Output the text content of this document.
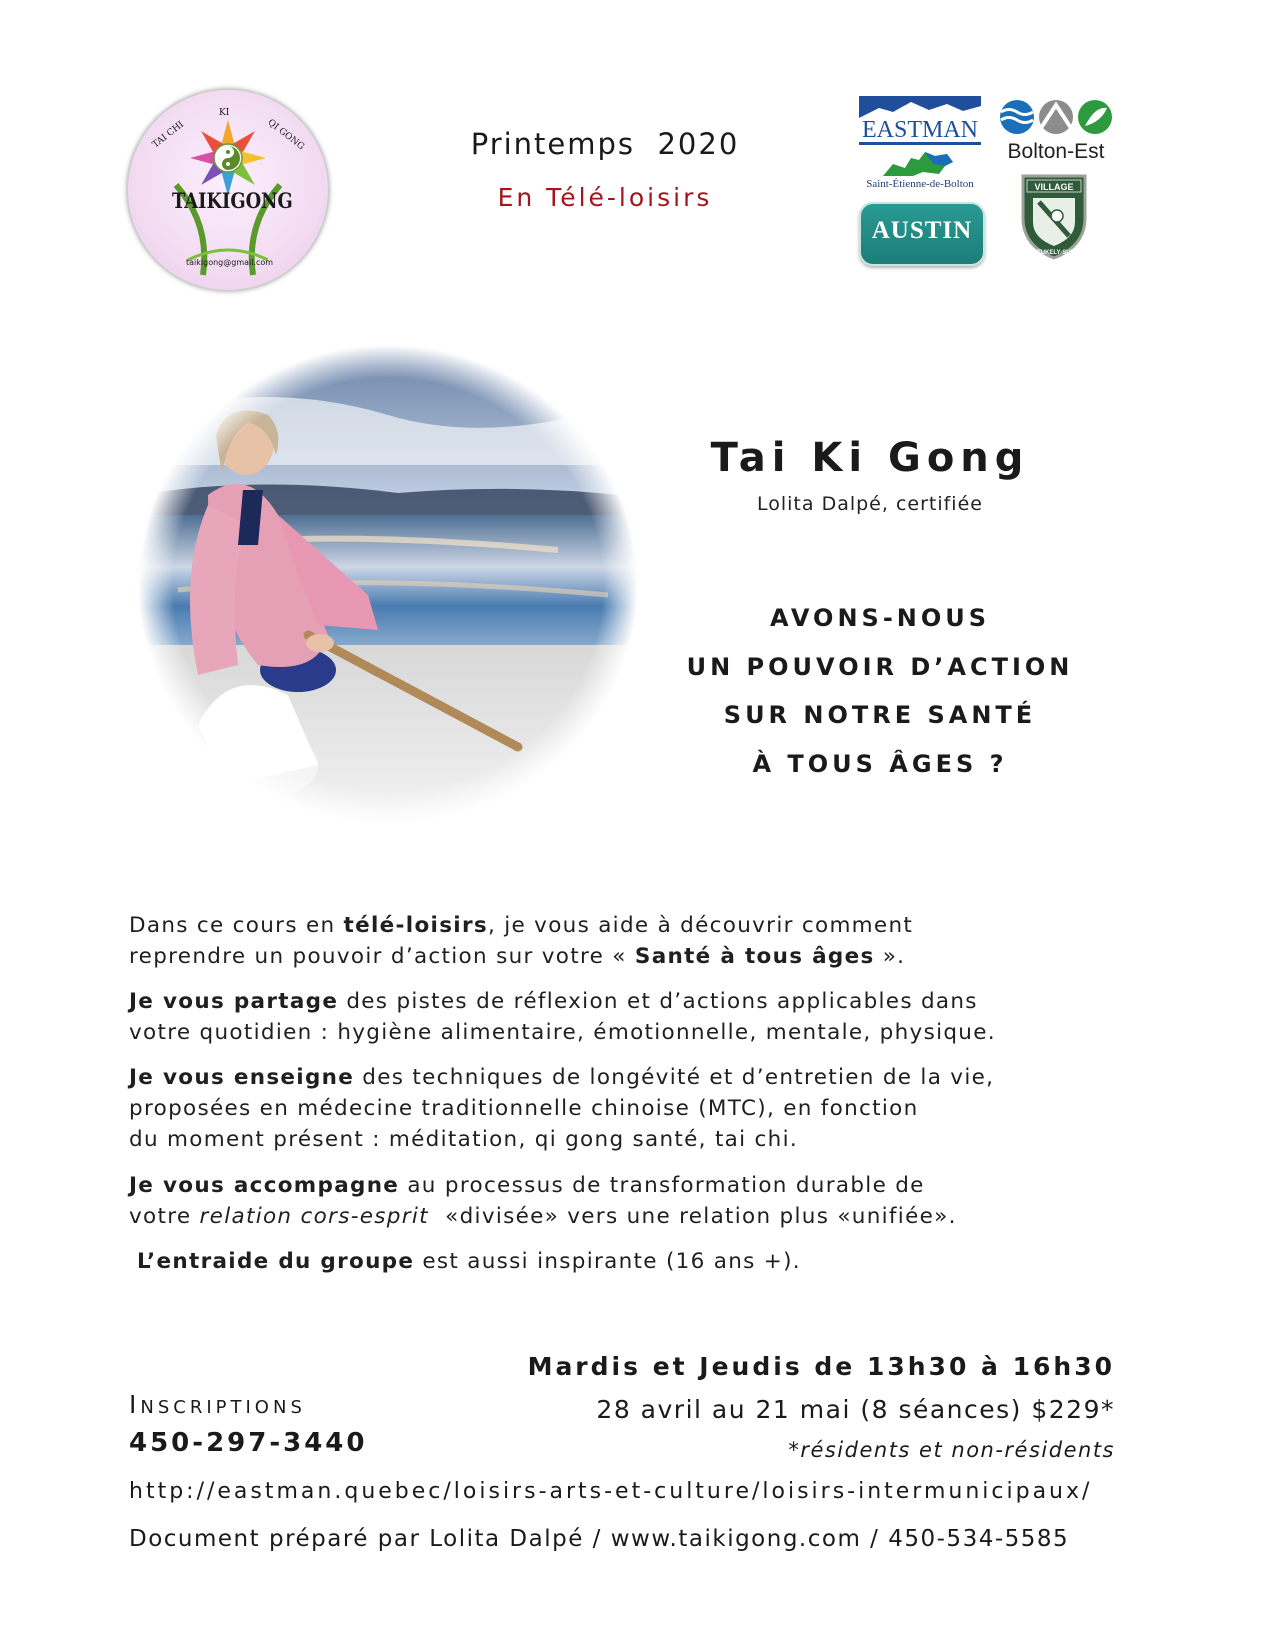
TAI CHI
KI
QI GONG
TAIKIGONG
taikigong@gmail.com
Printemps  2020
En Télé-loisirs
EASTMAN
Bolton-Est
Saint-Étienne-de-Bolton
AUSTIN
VILLAGE
STUKELY-SUD
Tai Ki Gong
Lolita Dalpé, certifiée
AVONS-NOUS
UN POUVOIR D’ACTION
SUR NOTRE SANTÉ
À TOUS ÂGES ?
Dans ce cours en télé-loisirs, je vous aide à découvrir comment
reprendre un pouvoir d’action sur votre « Santé à tous âges ».
Je vous partage des pistes de réflexion et d’actions applicables dans
votre quotidien : hygiène alimentaire, émotionnelle, mentale, physique.
Je vous enseigne des techniques de longévité et d’entretien de la vie,
proposées en médecine traditionnelle chinoise (MTC), en fonction
du moment présent : méditation, qi gong santé, tai chi.
Je vous accompagne au processus de transformation durable de
votre relation cors-esprit  «divisée» vers une relation plus «unifiée».
L’entraide du groupe est aussi inspirante (16 ans +).
Mardis et Jeudis de 13h30 à 16h30
28 avril au 21 mai (8 séances) $229*
*résidents et non-résidents
Inscriptions
450-297-3440
http://eastman.quebec/loisirs-arts-et-culture/loisirs-intermunicipaux/
Document préparé par Lolita Dalpé / www.taikigong.com / 450-534-5585
